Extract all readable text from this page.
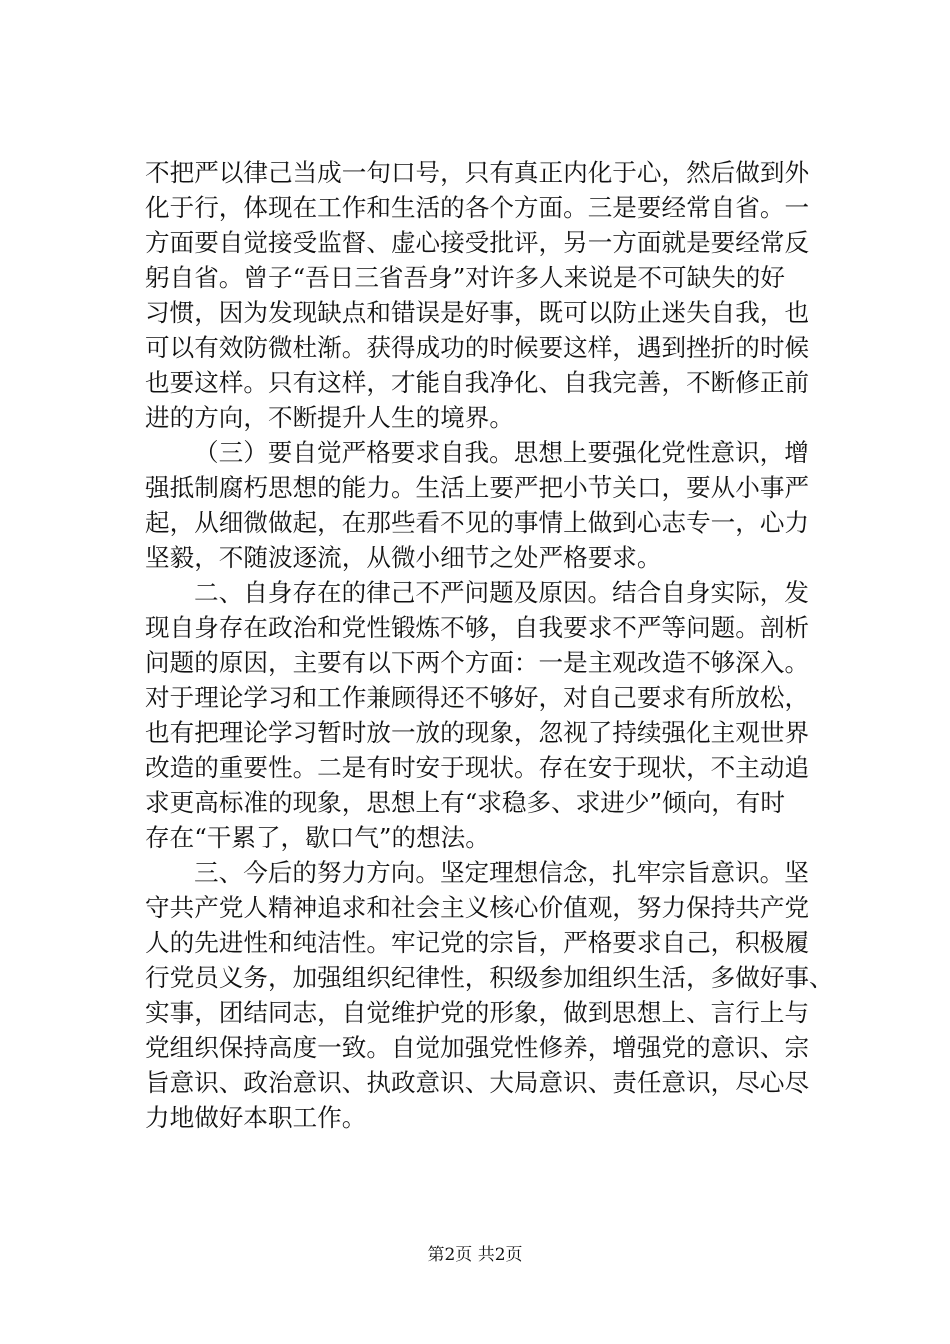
不把严以律己当成一句口号，只有真正内化于心，然后做到外
化于行，体现在工作和生活的各个方面。三是要经常自省。一
方面要自觉接受监督、虚心接受批评，另一方面就是要经常反
躬自省。曾子“吾日三省吾身”对许多人来说是不可缺失的好
习惯，因为发现缺点和错误是好事，既可以防止迷失自我，也
可以有效防微杜渐。获得成功的时候要这样，遇到挫折的时候
也要这样。只有这样，才能自我净化、自我完善，不断修正前
进的方向，不断提升人生的境界。
（三）要自觉严格要求自我。思想上要强化党性意识，增
强抵制腐朽思想的能力。生活上要严把小节关口，要从小事严
起，从细微做起，在那些看不见的事情上做到心志专一，心力
坚毅，不随波逐流，从微小细节之处严格要求。
二、自身存在的律己不严问题及原因。结合自身实际，发
现自身存在政治和党性锻炼不够，自我要求不严等问题。剖析
问题的原因，主要有以下两个方面：一是主观改造不够深入。
对于理论学习和工作兼顾得还不够好，对自己要求有所放松，
也有把理论学习暂时放一放的现象，忽视了持续强化主观世界
改造的重要性。二是有时安于现状。存在安于现状，不主动追
求更高标准的现象，思想上有“求稳多、求进少”倾向，有时
存在“干累了，歇口气”的想法。
三、今后的努力方向。坚定理想信念，扎牢宗旨意识。坚
守共产党人精神追求和社会主义核心价值观，努力保持共产党
人的先进性和纯洁性。牢记党的宗旨，严格要求自己，积极履
行党员义务，加强组织纪律性，积级参加组织生活，多做好事、
实事，团结同志，自觉维护党的形象，做到思想上、言行上与
党组织保持高度一致。自觉加强党性修养，增强党的意识、宗
旨意识、政治意识、执政意识、大局意识、责任意识，尽心尽
力地做好本职工作。
第2页 共2页
